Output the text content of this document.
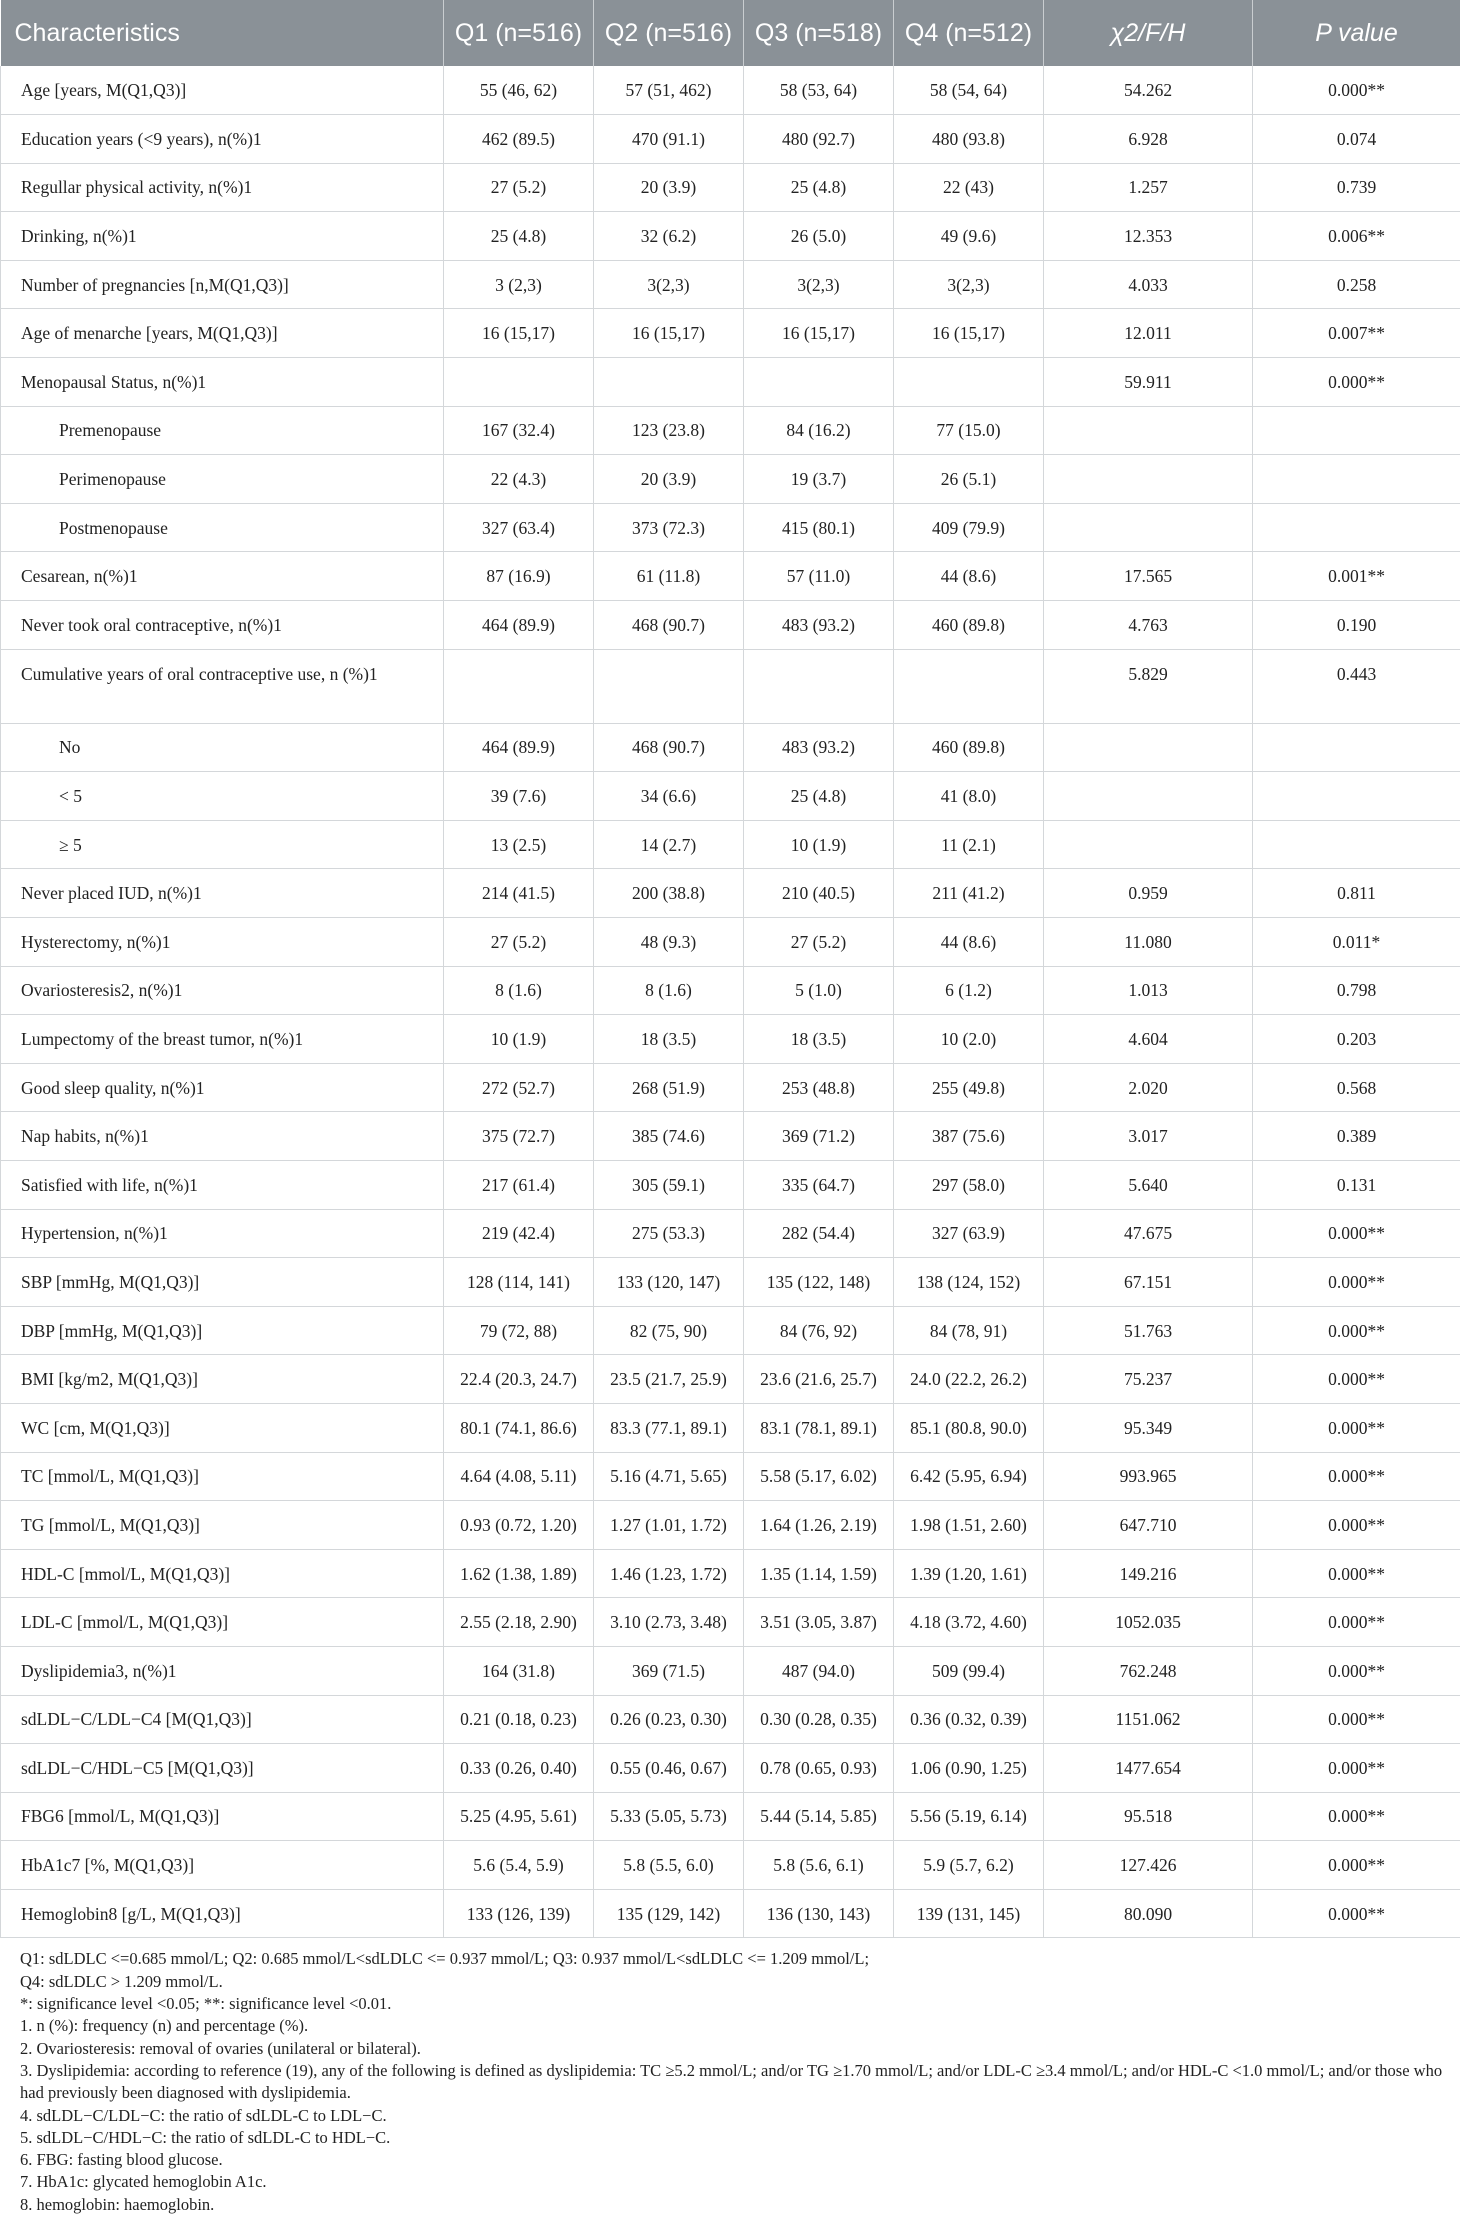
Characteristics	Q1 (n=516)	Q2 (n=516)	Q3 (n=518)	Q4 (n=512)	χ2/F/H	P value
Age [years, M(Q1,Q3)]	55 (46, 62)	57 (51, 462)	58 (53, 64)	58 (54, 64)	54.262	0.000**
Education years (<9 years), n(%)1	462 (89.5)	470 (91.1)	480 (92.7)	480 (93.8)	6.928	0.074
Regullar physical activity, n(%)1	27 (5.2)	20 (3.9)	25 (4.8)	22 (43)	1.257	0.739
Drinking, n(%)1	25 (4.8)	32 (6.2)	26 (5.0)	49 (9.6)	12.353	0.006**
Number of pregnancies [n,M(Q1,Q3)]	3 (2,3)	3(2,3)	3(2,3)	3(2,3)	4.033	0.258
Age of menarche [years, M(Q1,Q3)]	16 (15,17)	16 (15,17)	16 (15,17)	16 (15,17)	12.011	0.007**
Menopausal Status, n(%)1					59.911	0.000**
Premenopause	167 (32.4)	123 (23.8)	84 (16.2)	77 (15.0)		
Perimenopause	22 (4.3)	20 (3.9)	19 (3.7)	26 (5.1)		
Postmenopause	327 (63.4)	373 (72.3)	415 (80.1)	409 (79.9)		
Cesarean, n(%)1	87 (16.9)	61 (11.8)	57 (11.0)	44 (8.6)	17.565	0.001**
Never took oral contraceptive, n(%)1	464 (89.9)	468 (90.7)	483 (93.2)	460 (89.8)	4.763	0.190
Cumulative years of oral contraceptive use, n (%)1					5.829	0.443
No	464 (89.9)	468 (90.7)	483 (93.2)	460 (89.8)		
< 5	39 (7.6)	34 (6.6)	25 (4.8)	41 (8.0)		
≥ 5	13 (2.5)	14 (2.7)	10 (1.9)	11 (2.1)		
Never placed IUD, n(%)1	214 (41.5)	200 (38.8)	210 (40.5)	211 (41.2)	0.959	0.811
Hysterectomy, n(%)1	27 (5.2)	48 (9.3)	27 (5.2)	44 (8.6)	11.080	0.011*
Ovariosteresis2, n(%)1	8 (1.6)	8 (1.6)	5 (1.0)	6 (1.2)	1.013	0.798
Lumpectomy of the breast tumor, n(%)1	10 (1.9)	18 (3.5)	18 (3.5)	10 (2.0)	4.604	0.203
Good sleep quality, n(%)1	272 (52.7)	268 (51.9)	253 (48.8)	255 (49.8)	2.020	0.568
Nap habits, n(%)1	375 (72.7)	385 (74.6)	369 (71.2)	387 (75.6)	3.017	0.389
Satisfied with life, n(%)1	217 (61.4)	305 (59.1)	335 (64.7)	297 (58.0)	5.640	0.131
Hypertension, n(%)1	219 (42.4)	275 (53.3)	282 (54.4)	327 (63.9)	47.675	0.000**
SBP [mmHg, M(Q1,Q3)]	128 (114, 141)	133 (120, 147)	135 (122, 148)	138 (124, 152)	67.151	0.000**
DBP [mmHg, M(Q1,Q3)]	79 (72, 88)	82 (75, 90)	84 (76, 92)	84 (78, 91)	51.763	0.000**
BMI [kg/m2, M(Q1,Q3)]	22.4 (20.3, 24.7)	23.5 (21.7, 25.9)	23.6 (21.6, 25.7)	24.0 (22.2, 26.2)	75.237	0.000**
WC [cm, M(Q1,Q3)]	80.1 (74.1, 86.6)	83.3 (77.1, 89.1)	83.1 (78.1, 89.1)	85.1 (80.8, 90.0)	95.349	0.000**
TC [mmol/L, M(Q1,Q3)]	4.64 (4.08, 5.11)	5.16 (4.71, 5.65)	5.58 (5.17, 6.02)	6.42 (5.95, 6.94)	993.965	0.000**
TG [mmol/L, M(Q1,Q3)]	0.93 (0.72, 1.20)	1.27 (1.01, 1.72)	1.64 (1.26, 2.19)	1.98 (1.51, 2.60)	647.710	0.000**
HDL-C [mmol/L, M(Q1,Q3)]	1.62 (1.38, 1.89)	1.46 (1.23, 1.72)	1.35 (1.14, 1.59)	1.39 (1.20, 1.61)	149.216	0.000**
LDL-C [mmol/L, M(Q1,Q3)]	2.55 (2.18, 2.90)	3.10 (2.73, 3.48)	3.51 (3.05, 3.87)	4.18 (3.72, 4.60)	1052.035	0.000**
Dyslipidemia3, n(%)1	164 (31.8)	369 (71.5)	487 (94.0)	509 (99.4)	762.248	0.000**
sdLDL−C/LDL−C4 [M(Q1,Q3)]	0.21 (0.18, 0.23)	0.26 (0.23, 0.30)	0.30 (0.28, 0.35)	0.36 (0.32, 0.39)	1151.062	0.000**
sdLDL−C/HDL−C5 [M(Q1,Q3)]	0.33 (0.26, 0.40)	0.55 (0.46, 0.67)	0.78 (0.65, 0.93)	1.06 (0.90, 1.25)	1477.654	0.000**
FBG6 [mmol/L, M(Q1,Q3)]	5.25 (4.95, 5.61)	5.33 (5.05, 5.73)	5.44 (5.14, 5.85)	5.56 (5.19, 6.14)	95.518	0.000**
HbA1c7 [%, M(Q1,Q3)]	5.6 (5.4, 5.9)	5.8 (5.5, 6.0)	5.8 (5.6, 6.1)	5.9 (5.7, 6.2)	127.426	0.000**
Hemoglobin8 [g/L, M(Q1,Q3)]	133 (126, 139)	135 (129, 142)	136 (130, 143)	139 (131, 145)	80.090	0.000**
Q1: sdLDLC <=0.685 mmol/L; Q2: 0.685 mmol/L<sdLDLC <= 0.937 mmol/L; Q3: 0.937 mmol/L<sdLDLC <= 1.209 mmol/L;
Q4: sdLDLC > 1.209 mmol/L.
*: significance level <0.05; **: significance level <0.01.
1. n (%): frequency (n) and percentage (%).
2. Ovariosteresis: removal of ovaries (unilateral or bilateral).
3. Dyslipidemia: according to reference (19), any of the following is defined as dyslipidemia: TC ≥5.2 mmol/L; and/or TG ≥1.70 mmol/L; and/or LDL-C ≥3.4 mmol/L; and/or HDL-C <1.0 mmol/L; and/or those who had previously been diagnosed with dyslipidemia.
4. sdLDL−C/LDL−C: the ratio of sdLDL-C to LDL−C.
5. sdLDL−C/HDL−C: the ratio of sdLDL-C to HDL−C.
6. FBG: fasting blood glucose.
7. HbA1c: glycated hemoglobin A1c.
8. hemoglobin: haemoglobin.
